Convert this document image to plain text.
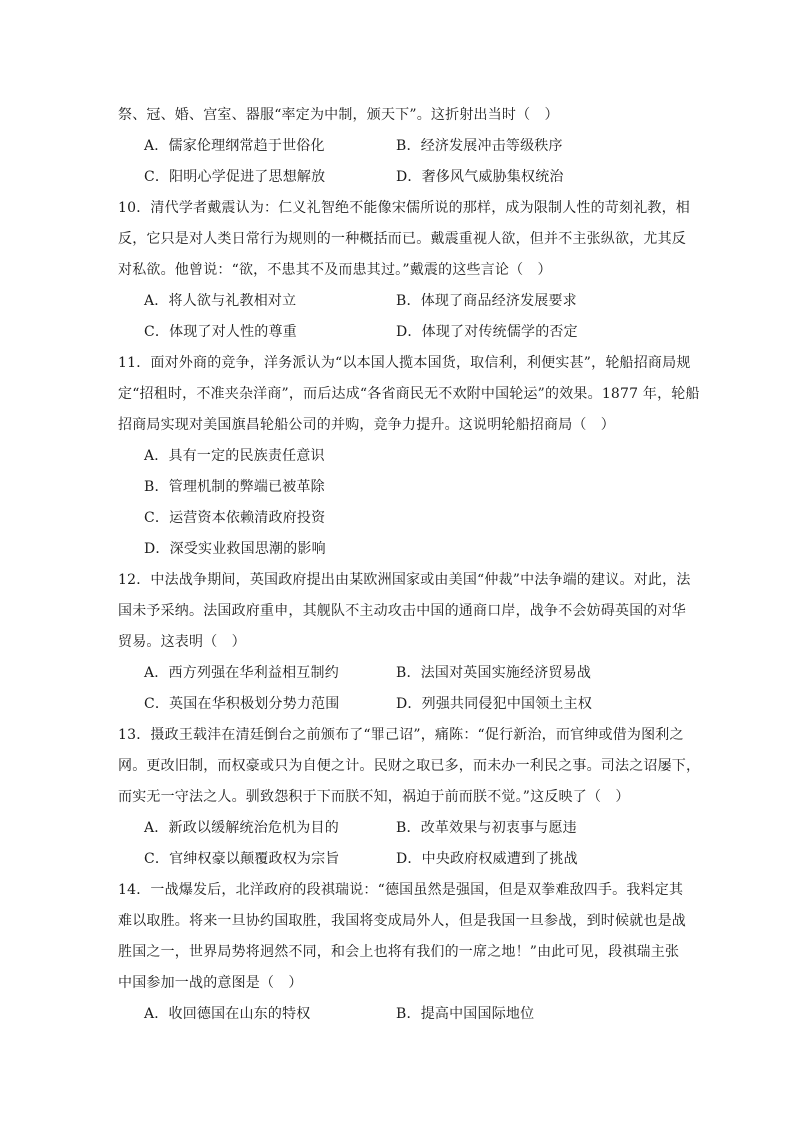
祭、冠、婚、宫室、器服“率定为中制，颁天下”。这折射出当时（　）

A．儒家伦理纲常趋于世俗化	B．经济发展冲击等级秩序
C．阳明心学促进了思想解放	D．奢侈风气威胁集权统治

10．清代学者戴震认为：仁义礼智绝不能像宋儒所说的那样，成为限制人性的苛刻礼教，相

反，它只是对人类日常行为规则的一种概括而已。戴震重视人欲，但并不主张纵欲，尤其反

对私欲。他曾说：“欲，不患其不及而患其过。”戴震的这些言论（　）

A．将人欲与礼教相对立	B．体现了商品经济发展要求
C．体现了对人性的尊重	D．体现了对传统儒学的否定

11．面对外商的竞争，洋务派认为“以本国人揽本国货，取信利，利便实甚”，轮船招商局规

定“招租时，不准夹杂洋商”，而后达成“各省商民无不欢附中国轮运”的效果。1877 年，轮船

招商局实现对美国旗昌轮船公司的并购，竞争力提升。这说明轮船招商局（　）

A．具有一定的民族责任意识
B．管理机制的弊端已被革除
C．运营资本依赖清政府投资
D．深受实业救国思潮的影响

12．中法战争期间，英国政府提出由某欧洲国家或由美国“仲裁”中法争端的建议。对此，法

国未予采纳。法国政府重申，其舰队不主动攻击中国的通商口岸，战争不会妨碍英国的对华

贸易。这表明（　）

A．西方列强在华利益相互制约	B．法国对英国实施经济贸易战
C．英国在华积极划分势力范围	D．列强共同侵犯中国领土主权

13．摄政王载沣在清廷倒台之前颁布了“罪己诏”，痛陈：“促行新治，而官绅或借为图利之

网。更改旧制，而权豪或只为自便之计。民财之取已多，而未办一利民之事。司法之诏屡下，

而实无一守法之人。驯致怨积于下而朕不知，祸迫于前而朕不觉。”这反映了（　）

A．新政以缓解统治危机为目的	B．改革效果与初衷事与愿违
C．官绅权豪以颠覆政权为宗旨	D．中央政府权威遭到了挑战

14．一战爆发后，北洋政府的段祺瑞说：“德国虽然是强国，但是双拳难敌四手。我料定其

难以取胜。将来一旦协约国取胜，我国将变成局外人，但是我国一旦参战，到时候就也是战

胜国之一，世界局势将迥然不同，和会上也将有我们的一席之地！”由此可见，段祺瑞主张

中国参加一战的意图是（　）

A．收回德国在山东的特权	B．提高中国国际地位
